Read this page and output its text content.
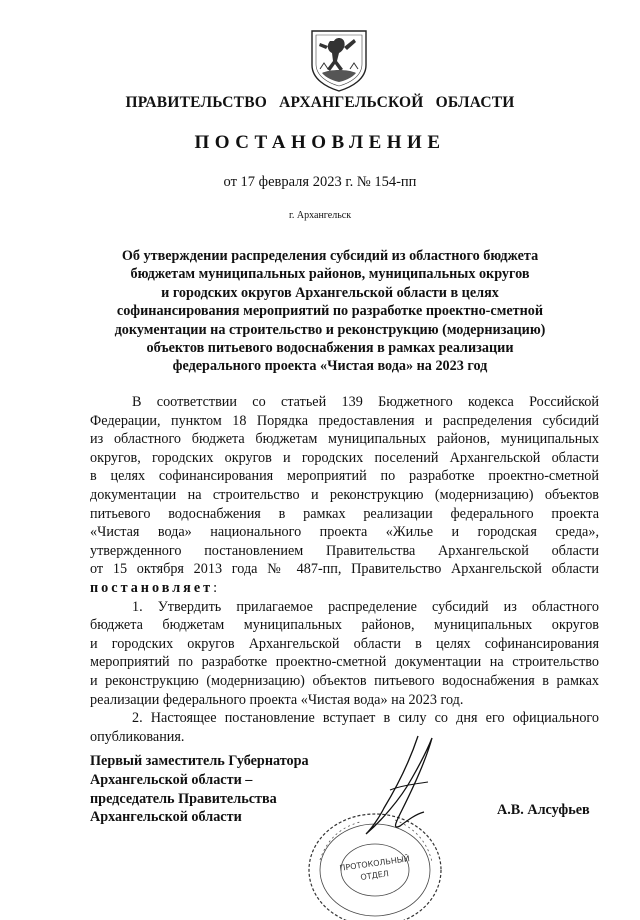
ПРАВИТЕЛЬСТВО АРХАНГЕЛЬСКОЙ ОБЛАСТИ
ПОСТАНОВЛЕНИЕ
от 17 февраля 2023 г. № 154-пп
г. Архангельск
Об утверждении распределения субсидий из областного бюджета
бюджетам муниципальных районов, муниципальных округов
и городских округов Архангельской области в целях
софинансирования мероприятий по разработке проектно-сметной
документации на строительство и реконструкцию (модернизацию)
объектов питьевого водоснабжения в рамках реализации
федерального проекта «Чистая вода» на 2023 год
В соответствии со статьей 139 Бюджетного кодекса Российской
Федерации, пунктом 18 Порядка предоставления и распределения субсидий
из областного бюджета бюджетам муниципальных районов, муниципальных
округов, городских округов и городских поселений Архангельской области
в целях софинансирования мероприятий по разработке проектно-сметной
документации на строительство и реконструкцию (модернизацию) объектов
питьевого водоснабжения в рамках реализации федерального проекта
«Чистая вода» национального проекта «Жилье и городская среда»,
утвержденного постановлением Правительства Архангельской области
от 15 октября 2013 года № 487-пп, Правительство Архангельской области
постановляет:
1. Утвердить прилагаемое распределение субсидий из областного
бюджета бюджетам муниципальных районов, муниципальных округов
и городских округов Архангельской области в целях софинансирования
мероприятий по разработке проектно-сметной документации на строительство
и реконструкцию (модернизацию) объектов питьевого водоснабжения в рамках
реализации федерального проекта «Чистая вода» на 2023 год.
2. Настоящее постановление вступает в силу со дня его официального
опубликования.
Первый заместитель Губернатора
Архангельской области –
председатель Правительства
Архангельской области
ПРОТОКОЛЬНЫЙ
ОТДЕЛ
А.В. Алсуфьев
